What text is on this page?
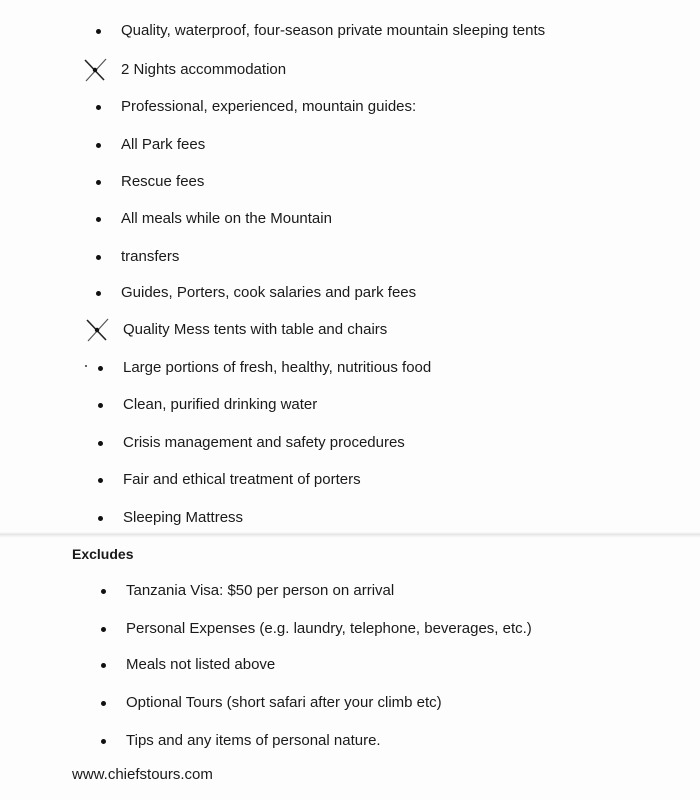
Quality, waterproof, four-season private mountain sleeping tents
2 Nights accommodation
Professional, experienced, mountain guides:
All Park fees
Rescue fees
All meals while on the Mountain
transfers
Guides, Porters, cook salaries and park fees
Quality Mess tents with table and chairs
Large portions of fresh, healthy, nutritious food
Clean, purified drinking water
Crisis management and safety procedures
Fair and ethical treatment of porters
Sleeping Mattress
Excludes
Tanzania Visa: $50 per person on arrival
Personal Expenses (e.g. laundry, telephone, beverages, etc.)
Meals not listed above
Optional Tours (short safari after your climb etc)
Tips and any items of personal nature.
www.chiefstours.com
